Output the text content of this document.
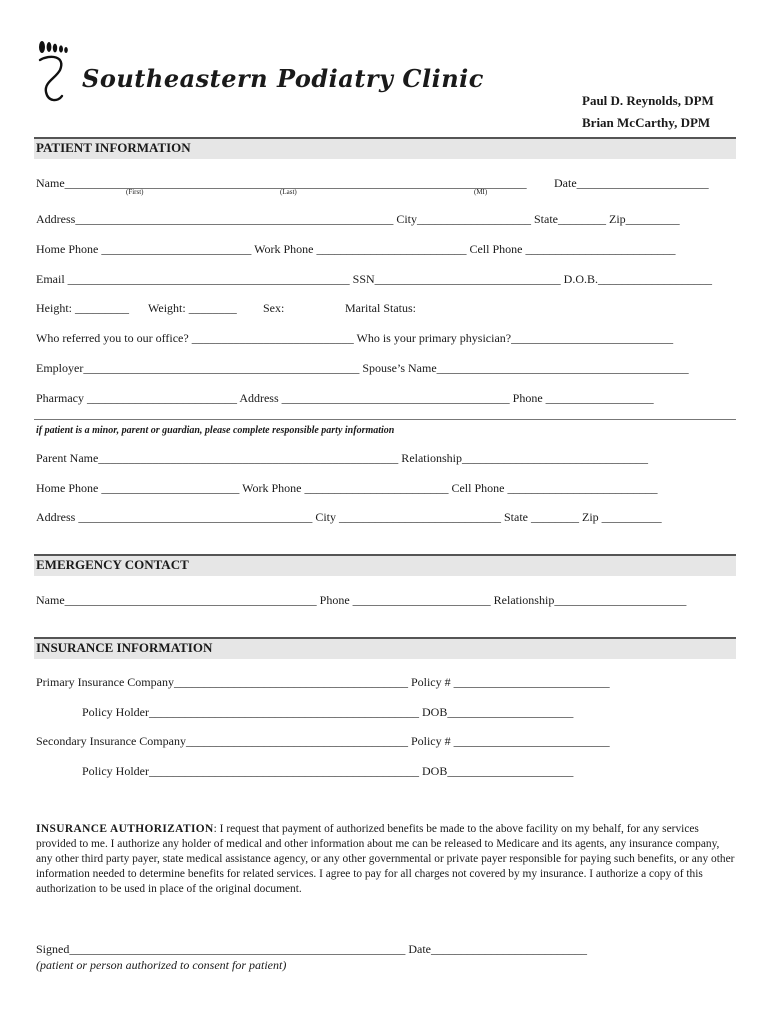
Southeastern Podiatry Clinic
Paul D. Reynolds, DPM
Brian McCarthy, DPM
PATIENT INFORMATION
Name_____________________________________________________________________________
(First)	(Last)	(MI)
Date______________________
Address_____________________________________________________ City___________________ State________ Zip_________
Home Phone _________________________ Work Phone _________________________ Cell Phone _________________________
Email _______________________________________________ SSN_______________________________ D.O.B.___________________
Height: _________ Weight: ________ Sex:	Marital Status:
Who referred you to our office? ___________________________ Who is your primary physician?___________________________
Employer______________________________________________ Spouse’s Name__________________________________________
Pharmacy _________________________ Address ______________________________________ Phone __________________
if patient is a minor, parent or guardian, please complete responsible party information
Parent Name__________________________________________________ Relationship_______________________________
Home Phone _______________________ Work Phone ________________________ Cell Phone _________________________
Address _______________________________________ City ___________________________ State ________ Zip __________
EMERGENCY CONTACT
Name__________________________________________ Phone _______________________ Relationship______________________
INSURANCE INFORMATION
Primary Insurance Company_______________________________________ Policy # __________________________
Policy Holder_____________________________________________ DOB_____________________
Secondary Insurance Company_____________________________________ Policy # __________________________
Policy Holder_____________________________________________ DOB_____________________
INSURANCE AUTHORIZATION: I request that payment of authorized benefits be made to the above facility on my behalf, for any services provided to me. I authorize any holder of medical and other information about me can be released to Medicare and its agents, any insurance company, any other third party payer, state medical assistance agency, or any other governmental or private payer responsible for paying such benefits, or any other information needed to determine benefits for related services. I agree to pay for all charges not covered by my insurance. I authorize a copy of this authorization to be used in place of the original document.
Signed________________________________________________________ Date__________________________
(patient or person authorized to consent for patient)
